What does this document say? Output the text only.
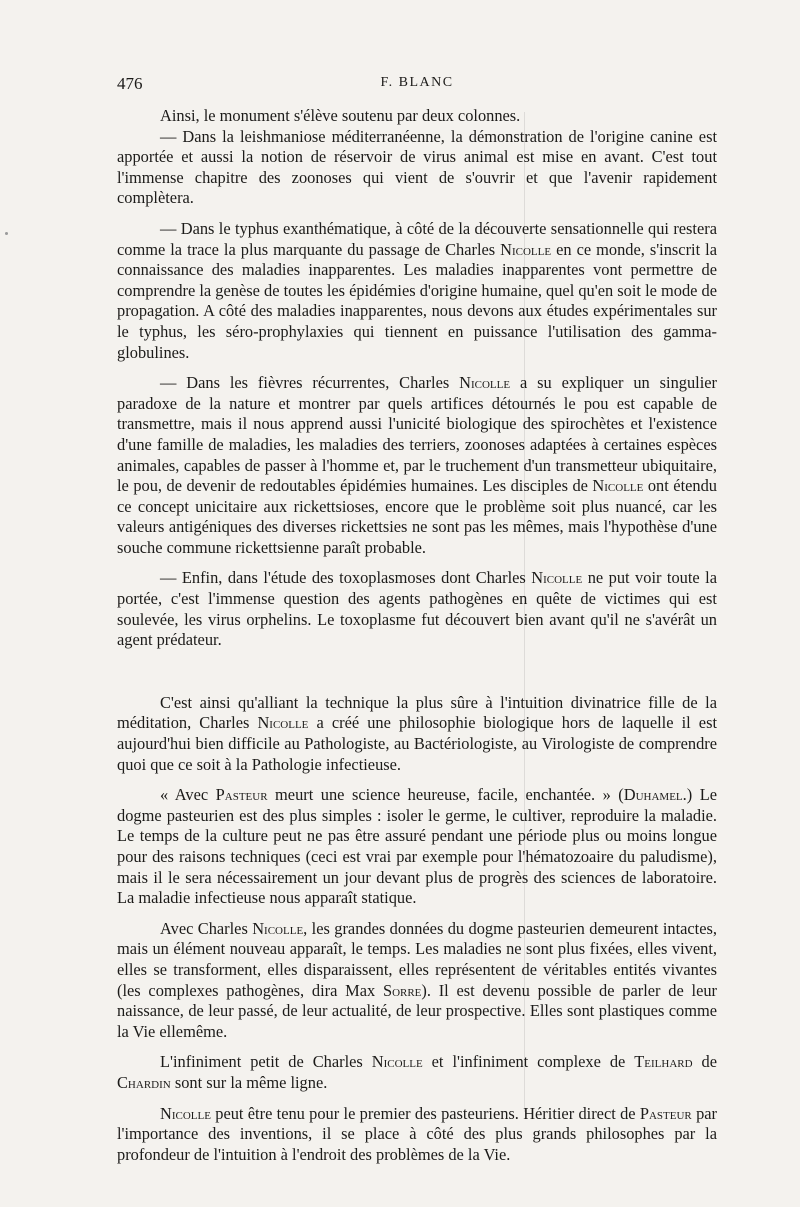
476	F. BLANC

Ainsi, le monument s'élève soutenu par deux colonnes.

— Dans la leishmaniose méditerranéenne, la démonstration de l'origine canine est apportée et aussi la notion de réservoir de virus animal est mise en avant. C'est tout l'immense chapitre des zoonoses qui vient de s'ouvrir et que l'avenir rapidement complètera.

— Dans le typhus exanthématique, à côté de la découverte sensationnelle qui restera comme la trace la plus marquante du passage de Charles Nicolle en ce monde, s'inscrit la connaissance des maladies inapparentes. Les maladies inapparentes vont permettre de comprendre la genèse de toutes les épidémies d'origine humaine, quel qu'en soit le mode de propagation. A côté des maladies inapparentes, nous devons aux études expérimentales sur le typhus, les séro-prophylaxies qui tiennent en puissance l'utilisation des gamma-globulines.

— Dans les fièvres récurrentes, Charles Nicolle a su expliquer un singulier paradoxe de la nature et montrer par quels artifices détournés le pou est capable de transmettre, mais il nous apprend aussi l'unicité biologique des spirochètes et l'existence d'une famille de maladies, les maladies des terriers, zoonoses adaptées à certaines espèces animales, capables de passer à l'homme et, par le truchement d'un transmetteur ubiquitaire, le pou, de devenir de redoutables épidémies humaines. Les disciples de Nicolle ont étendu ce concept unicitaire aux rickettsioses, encore que le problème soit plus nuancé, car les valeurs antigéniques des diverses rickettsies ne sont pas les mêmes, mais l'hypothèse d'une souche commune rickettsienne paraît probable.

— Enfin, dans l'étude des toxoplasmoses dont Charles Nicolle ne put voir toute la portée, c'est l'immense question des agents pathogènes en quête de victimes qui est soulevée, les virus orphelins. Le toxoplasme fut découvert bien avant qu'il ne s'avérât un agent prédateur.

C'est ainsi qu'alliant la technique la plus sûre à l'intuition divinatrice fille de la méditation, Charles Nicolle a créé une philosophie biologique hors de laquelle il est aujourd'hui bien difficile au Pathologiste, au Bactériologiste, au Virologiste de comprendre quoi que ce soit à la Pathologie infectieuse.

« Avec Pasteur meurt une science heureuse, facile, enchantée. » (Duhamel.) Le dogme pasteurien est des plus simples : isoler le germe, le cultiver, reproduire la maladie. Le temps de la culture peut ne pas être assuré pendant une période plus ou moins longue pour des raisons techniques (ceci est vrai par exemple pour l'hématozoaire du paludisme), mais il le sera nécessairement un jour devant plus de progrès des sciences de laboratoire. La maladie infectieuse nous apparaît statique.

Avec Charles Nicolle, les grandes données du dogme pasteurien demeurent intactes, mais un élément nouveau apparaît, le temps. Les maladies ne sont plus fixées, elles vivent, elles se transforment, elles disparaissent, elles représentent de véritables entités vivantes (les complexes pathogènes, dira Max Sorre). Il est devenu possible de parler de leur naissance, de leur passé, de leur actualité, de leur prospective. Elles sont plastiques comme la Vie ellemême.

L'infiniment petit de Charles Nicolle et l'infiniment complexe de Teilhard de Chardin sont sur la même ligne.

Nicolle peut être tenu pour le premier des pasteuriens. Héritier direct de Pasteur par l'importance des inventions, il se place à côté des plus grands philosophes par la profondeur de l'intuition à l'endroit des problèmes de la Vie.
